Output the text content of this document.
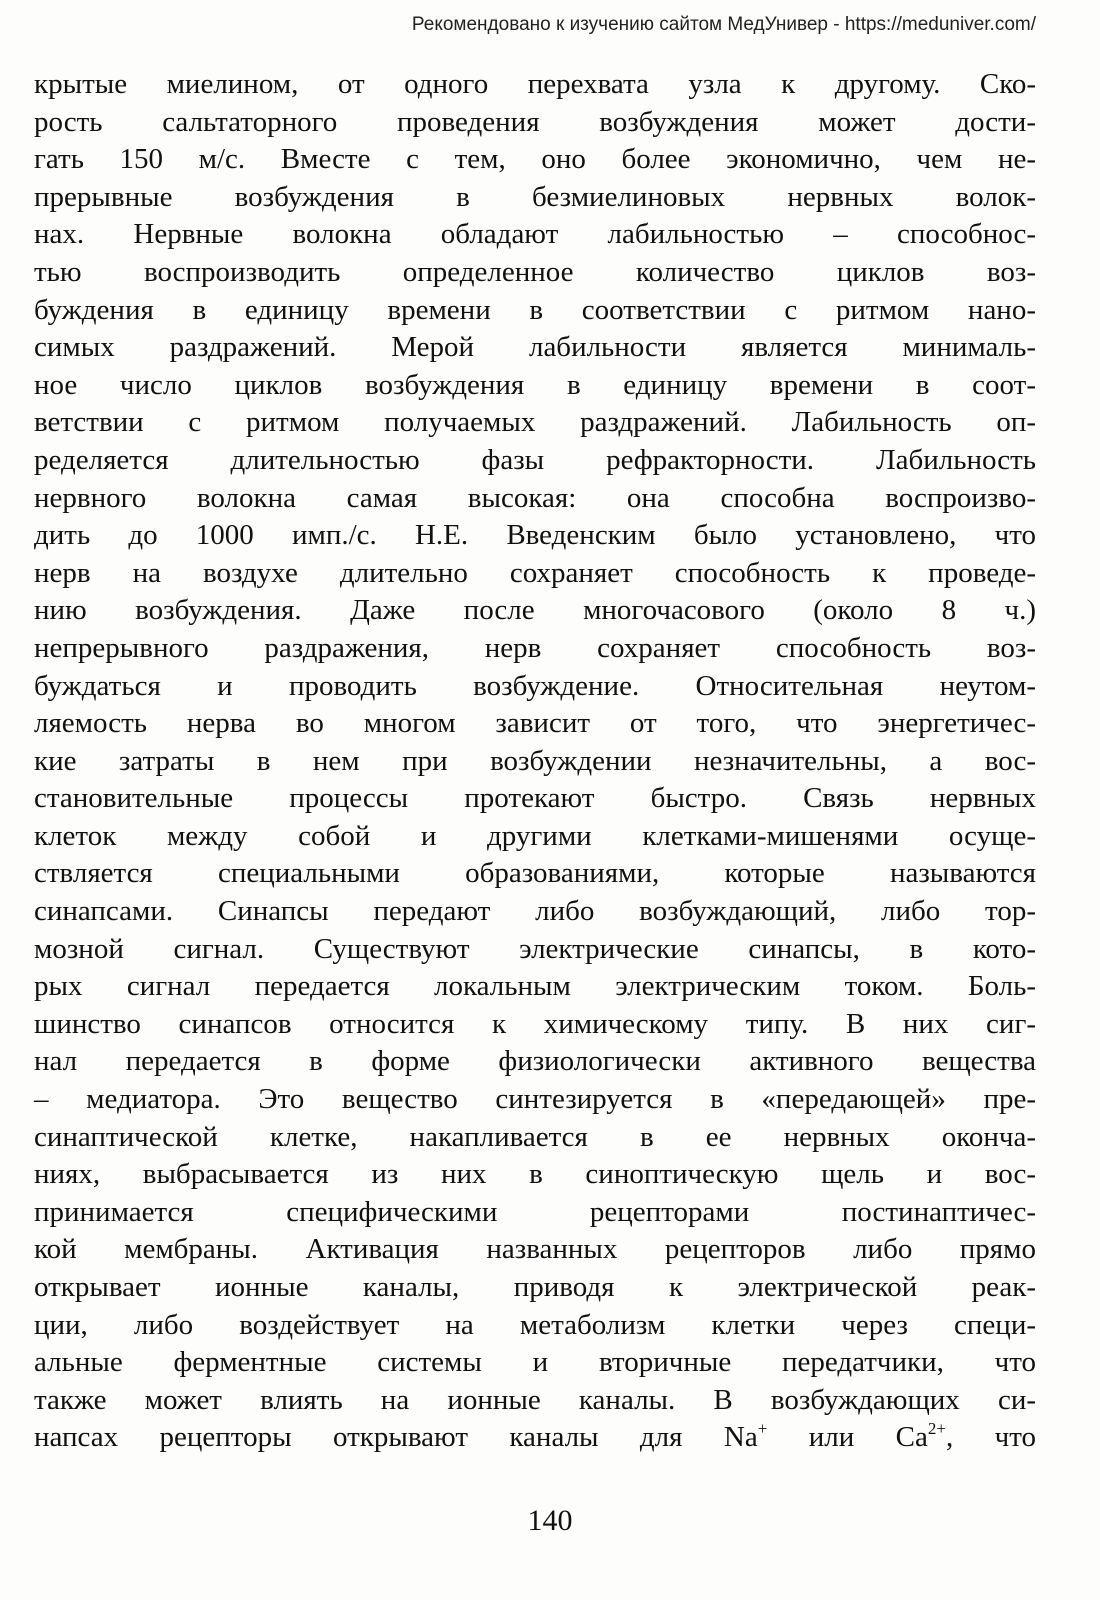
Рекомендовано к изучению сайтом МедУнивер - https://meduniver.com/
крытые миелином, от одного перехвата узла к другому. Ско-
рость сальтаторного проведения возбуждения может дости-
гать 150 м/с. Вместе с тем, оно более экономично, чем не-
прерывные возбуждения в безмиелиновых нервных волок-
нах. Нервные волокна обладают лабильностью – способнос-
тью воспроизводить определенное количество циклов воз-
буждения в единицу времени в соответствии с ритмом нано-
симых раздражений. Мерой лабильности является минималь-
ное число циклов возбуждения в единицу времени в соот-
ветствии с ритмом получаемых раздражений. Лабильность оп-
ределяется длительностью фазы рефракторности. Лабильность
нервного волокна самая высокая: она способна воспроизво-
дить до 1000 имп./с. Н.Е. Введенским было установлено, что
нерв на воздухе длительно сохраняет способность к проведе-
нию возбуждения. Даже после многочасового (около 8 ч.)
непрерывного раздражения, нерв сохраняет способность воз-
буждаться и проводить возбуждение. Относительная неутом-
ляемость нерва во многом зависит от того, что энергетичес-
кие затраты в нем при возбуждении незначительны, а вос-
становительные процессы протекают быстро. Связь нервных
клеток между собой и другими клетками-мишенями осуще-
ствляется специальными образованиями, которые называются
синапсами. Синапсы передают либо возбуждающий, либо тор-
мозной сигнал. Существуют электрические синапсы, в кото-
рых сигнал передается локальным электрическим током. Боль-
шинство синапсов относится к химическому типу. В них сиг-
нал передается в форме физиологически активного вещества
– медиатора. Это вещество синтезируется в «передающей» пре-
синаптической клетке, накапливается в ее нервных оконча-
ниях, выбрасывается из них в синоптическую щель и вос-
принимается специфическими рецепторами постинаптичес-
кой мембраны. Активация названных рецепторов либо прямо
открывает ионные каналы, приводя к электрической реак-
ции, либо воздействует на метаболизм клетки через специ-
альные ферментные системы и вторичные передатчики, что
также может влиять на ионные каналы. В возбуждающих си-
напсах рецепторы открывают каналы для Na+ или $Ca^{2+}$, что
140
